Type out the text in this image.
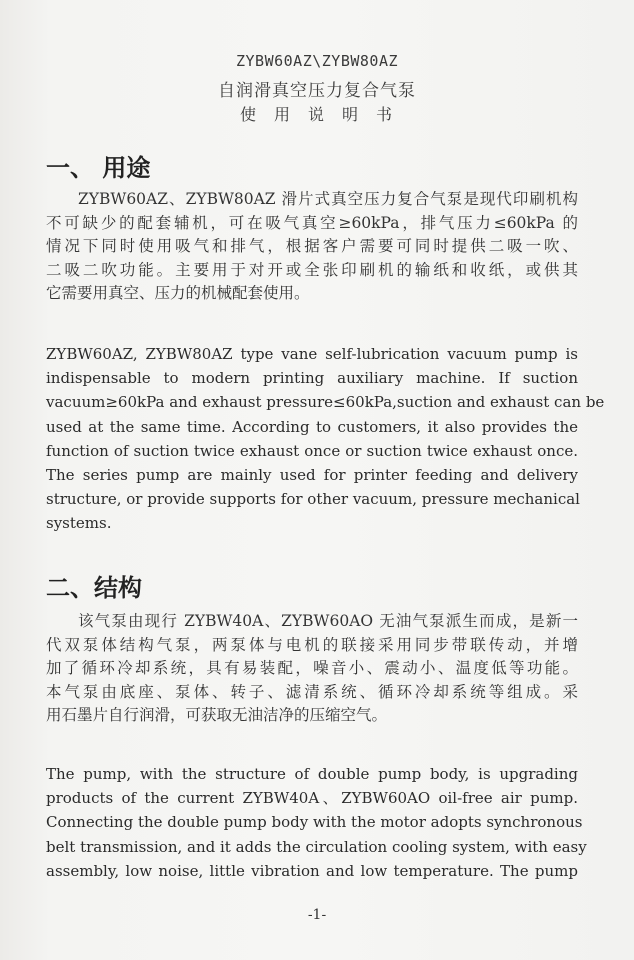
ZYBW60AZ\ZYBW80AZ
自润滑真空压力复合气泵
使用说明书
一、 用途
ZYBW60AZ、ZYBW80AZ 滑片式真空压力复合气泵是现代印刷机构
不可缺少的配套辅机，可在吸气真空≥60kPa，排气压力≤60kPa 的
情况下同时使用吸气和排气，根据客户需要可同时提供二吸一吹、
二吸二吹功能。主要用于对开或全张印刷机的输纸和收纸，或供其
它需要用真空、压力的机械配套使用。
ZYBW60AZ, ZYBW80AZ type vane self-lubrication vacuum pump is
indispensable to modern printing auxiliary machine. If suction
vacuum≥60kPa and exhaust pressure≤60kPa,suction and exhaust can be
used at the same time. According to customers, it also provides the
function of suction twice exhaust once or suction twice exhaust once.
The series pump are mainly used for printer feeding and delivery
structure, or provide supports for other vacuum, pressure mechanical
systems.
二、结构
该气泵由现行 ZYBW40A、ZYBW60AO 无油气泵派生而成，是新一
代双泵体结构气泵，两泵体与电机的联接采用同步带联传动，并增
加了循环冷却系统，具有易装配，噪音小、震动小、温度低等功能。
本气泵由底座、泵体、转子、滤清系统、循环冷却系统等组成。采
用石墨片自行润滑，可获取无油洁净的压缩空气。
The pump, with the structure of double pump body, is upgrading
products of the current ZYBW40A、ZYBW60AO oil-free air pump.
Connecting the double pump body with the motor adopts synchronous
belt transmission, and it adds the circulation cooling system, with easy
assembly, low noise, little vibration and low temperature. The pump
-1-
